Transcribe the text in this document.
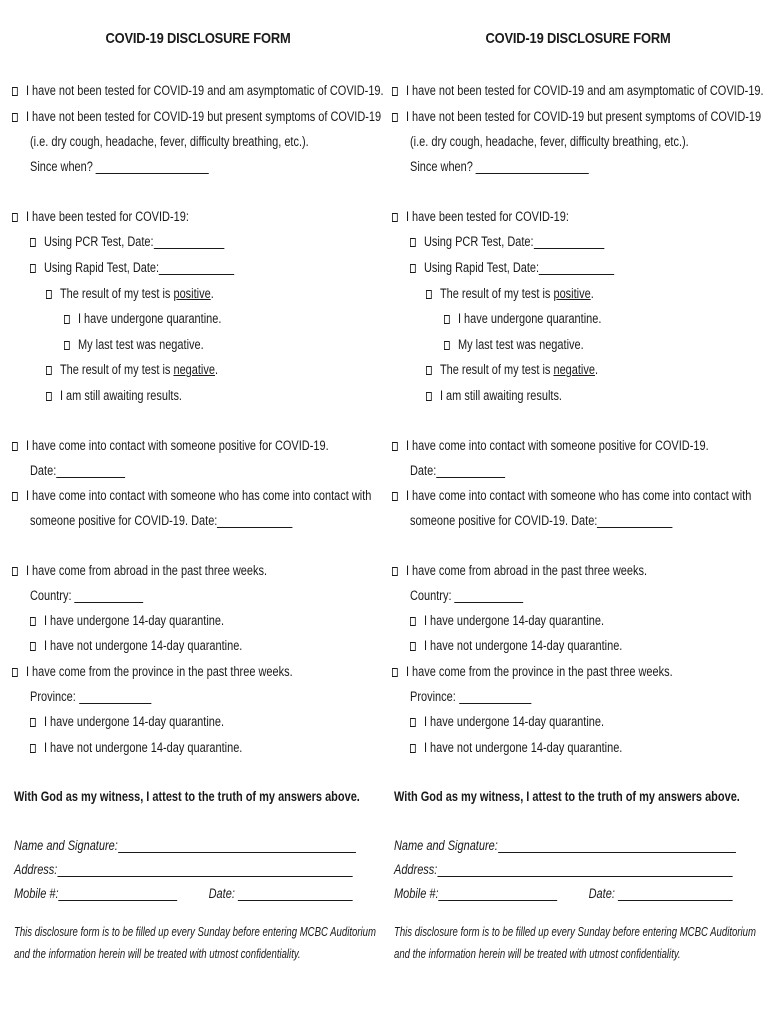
COVID-19 DISCLOSURE FORM
I have not been tested for COVID-19 and am asymptomatic of COVID-19.
I have not been tested for COVID-19 but present symptoms of COVID-19
(i.e. dry cough, headache, fever, difficulty breathing, etc.).
Since when?
I have been tested for COVID-19:
Using PCR Test, Date:
Using Rapid Test, Date:
The result of my test is positive.
I have undergone quarantine.
My last test was negative.
The result of my test is negative.
I am still awaiting results.
I have come into contact with someone positive for COVID-19.
Date:
I have come into contact with someone who has come into contact with
someone positive for COVID-19. Date:
I have come from abroad in the past three weeks.
Country:
I have undergone 14-day quarantine.
I have not undergone 14-day quarantine.
I have come from the province in the past three weeks.
Province:
I have undergone 14-day quarantine.
I have not undergone 14-day quarantine.
With God as my witness, I attest to the truth of my answers above.
Name and Signature:
Address:
Mobile #:	Date:
This disclosure form is to be filled up every Sunday before entering MCBC Auditorium
and the information herein will be treated with utmost confidentiality.
COVID-19 DISCLOSURE FORM
I have not been tested for COVID-19 and am asymptomatic of COVID-19.
I have not been tested for COVID-19 but present symptoms of COVID-19
(i.e. dry cough, headache, fever, difficulty breathing, etc.).
Since when?
I have been tested for COVID-19:
Using PCR Test, Date:
Using Rapid Test, Date:
The result of my test is positive.
I have undergone quarantine.
My last test was negative.
The result of my test is negative.
I am still awaiting results.
I have come into contact with someone positive for COVID-19.
Date:
I have come into contact with someone who has come into contact with
someone positive for COVID-19. Date:
I have come from abroad in the past three weeks.
Country:
I have undergone 14-day quarantine.
I have not undergone 14-day quarantine.
I have come from the province in the past three weeks.
Province:
I have undergone 14-day quarantine.
I have not undergone 14-day quarantine.
With God as my witness, I attest to the truth of my answers above.
Name and Signature:
Address:
Mobile #:	Date:
This disclosure form is to be filled up every Sunday before entering MCBC Auditorium
and the information herein will be treated with utmost confidentiality.
